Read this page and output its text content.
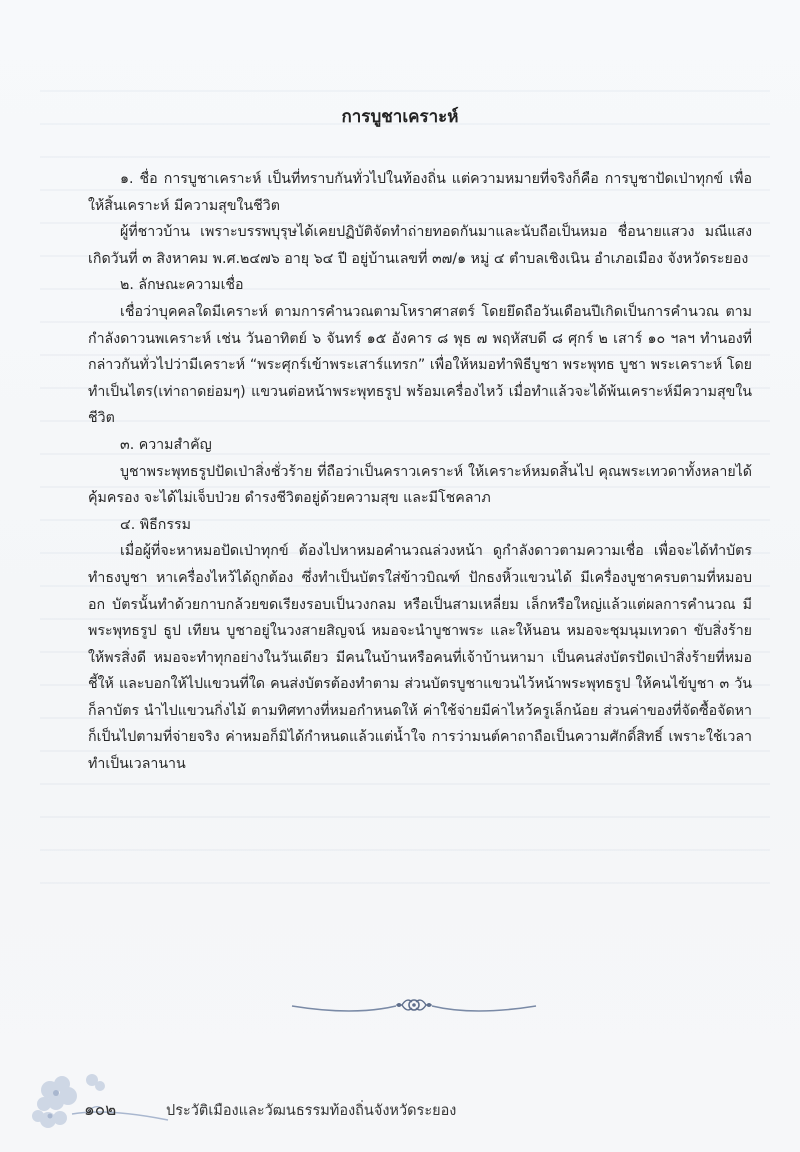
การบูชาเคราะห์

๑. ชื่อ การบูชาเคราะห์ เป็นที่ทราบกันทั่วไปในท้องถิ่น แต่ความหมายที่จริงก็คือ การบูชาปัดเป่าทุกข์ เพื่อให้สิ้นเคราะห์ มีความสุขในชีวิต

ผู้ที่ชาวบ้าน เพราะบรรพบุรุษได้เคยปฏิบัติจัดทำถ่ายทอดกันมาและนับถือเป็นหมอ ชื่อนายแสวง มณีแสง เกิดวันที่ ๓ สิงหาคม พ.ศ.๒๔๗๖ อายุ ๖๔ ปี อยู่บ้านเลขที่ ๓๗/๑ หมู่ ๔ ตำบลเชิงเนิน อำเภอเมือง จังหวัดระยอง

๒. ลักษณะความเชื่อ

เชื่อว่าบุคคลใดมีเคราะห์ ตามการคำนวณตามโหราศาสตร์ โดยยึดถือวันเดือนปีเกิดเป็นการคำนวณ ตามกำลังดาวนพเคราะห์ เช่น วันอาทิตย์ ๖ จันทร์ ๑๕ อังคาร ๘ พุธ ๗ พฤหัสบดี ๘ ศุกร์ ๒ เสาร์ ๑๐ ฯลฯ ทำนองที่กล่าวกันทั่วไปว่ามีเคราะห์ “พระศุกร์เข้าพระเสาร์แทรก” เพื่อให้หมอทำพิธีบูชา พระพุทธ บูชา พระเคราะห์ โดยทำเป็นไตร(เท่าถาดย่อมๆ) แขวนต่อหน้าพระพุทธรูป พร้อมเครื่องไหว้ เมื่อทำแล้วจะได้พ้นเคราะห์มีความสุขในชีวิต

๓. ความสำคัญ

บูชาพระพุทธรูปปัดเป่าสิ่งชั่วร้าย ที่ถือว่าเป็นคราวเคราะห์ ให้เคราะห์หมดสิ้นไป คุณพระเทวดาทั้งหลายได้คุ้มครอง จะได้ไม่เจ็บป่วย ดำรงชีวิตอยู่ด้วยความสุข และมีโชคลาภ

๔. พิธีกรรม

เมื่อผู้ที่จะหาหมอปัดเป่าทุกข์ ต้องไปหาหมอคำนวณล่วงหน้า ดูกำลังดาวตามความเชื่อ เพื่อจะได้ทำบัตร ทำธงบูชา หาเครื่องไหว้ได้ถูกต้อง ซึ่งทำเป็นบัตรใส่ข้าวบิณฑ์ ปักธงหิ้วแขวนได้ มีเครื่องบูชาครบตามที่หมอบอก บัตรนั้นทำด้วยกาบกล้วยขดเรียงรอบเป็นวงกลม หรือเป็นสามเหลี่ยม เล็กหรือใหญ่แล้วแต่ผลการคำนวณ มีพระพุทธรูป ธูป เทียน บูชาอยู่ในวงสายสิญจน์ หมอจะนำบูชาพระ และให้นอน หมอจะชุมนุมเทวดา ขับสิ่งร้ายให้พรสิ่งดี หมอจะทำทุกอย่างในวันเดียว มีคนในบ้านหรือคนที่เจ้าบ้านหามา เป็นคนส่งบัตรปัดเป่าสิ่งร้ายที่หมอชี้ให้ และบอกให้ไปแขวนที่ใด คนส่งบัตรต้องทำตาม ส่วนบัตรบูชาแขวนไว้หน้าพระพุทธรูป ให้คนไข้บูชา ๓ วัน ก็ลาบัตร นำไปแขวนกิ่งไม้ ตามทิศทางที่หมอกำหนดให้ ค่าใช้จ่ายมีค่าไหว้ครูเล็กน้อย ส่วนค่าของที่จัดซื้อจัดหาก็เป็นไปตามที่จ่ายจริง ค่าหมอก็มิได้กำหนดแล้วแต่น้ำใจ การว่ามนต์คาถาถือเป็นความศักดิ์สิทธิ์ เพราะใช้เวลาทำเป็นเวลานาน

๑๐๒	ประวัติเมืองและวัฒนธรรมท้องถิ่นจังหวัดระยอง
